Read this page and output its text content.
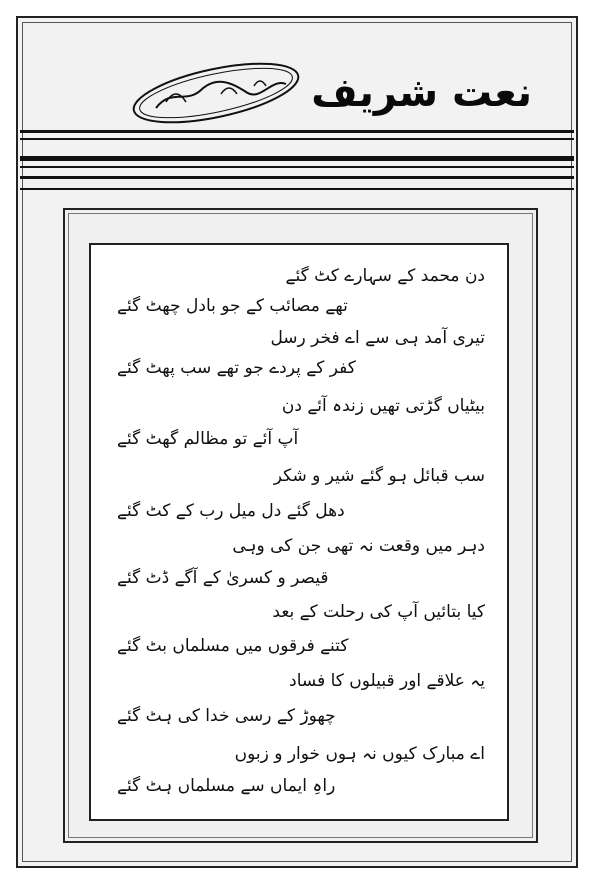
نعت شریف
دن محمد کے سہارے کٹ گئے
تھے مصائب کے جو بادل چھٹ گئے
تیری آمد ہی سے اے فخر رسل
کفر کے پردے جو تھے سب پھٹ گئے
بیٹیاں گڑتی تھیں زندہ آئے دن
آپ آئے تو مظالم گھٹ گئے
سب قبائل ہو گئے شیر و شکر
دھل گئے دل میل رب کے کٹ گئے
دہر میں وقعت نہ تھی جن کی وہی
قیصر و کسریٰ کے آگے ڈٹ گئے
کیا بتائیں آپ کی رحلت کے بعد
کتنے فرقوں میں مسلماں بٹ گئے
یہ علاقے اور قبیلوں کا فساد
چھوڑ کے رسی خدا کی ہٹ گئے
اے مبارک کیوں نہ ہوں خوار و زبوں
راہِ ایماں سے مسلماں ہٹ گئے
